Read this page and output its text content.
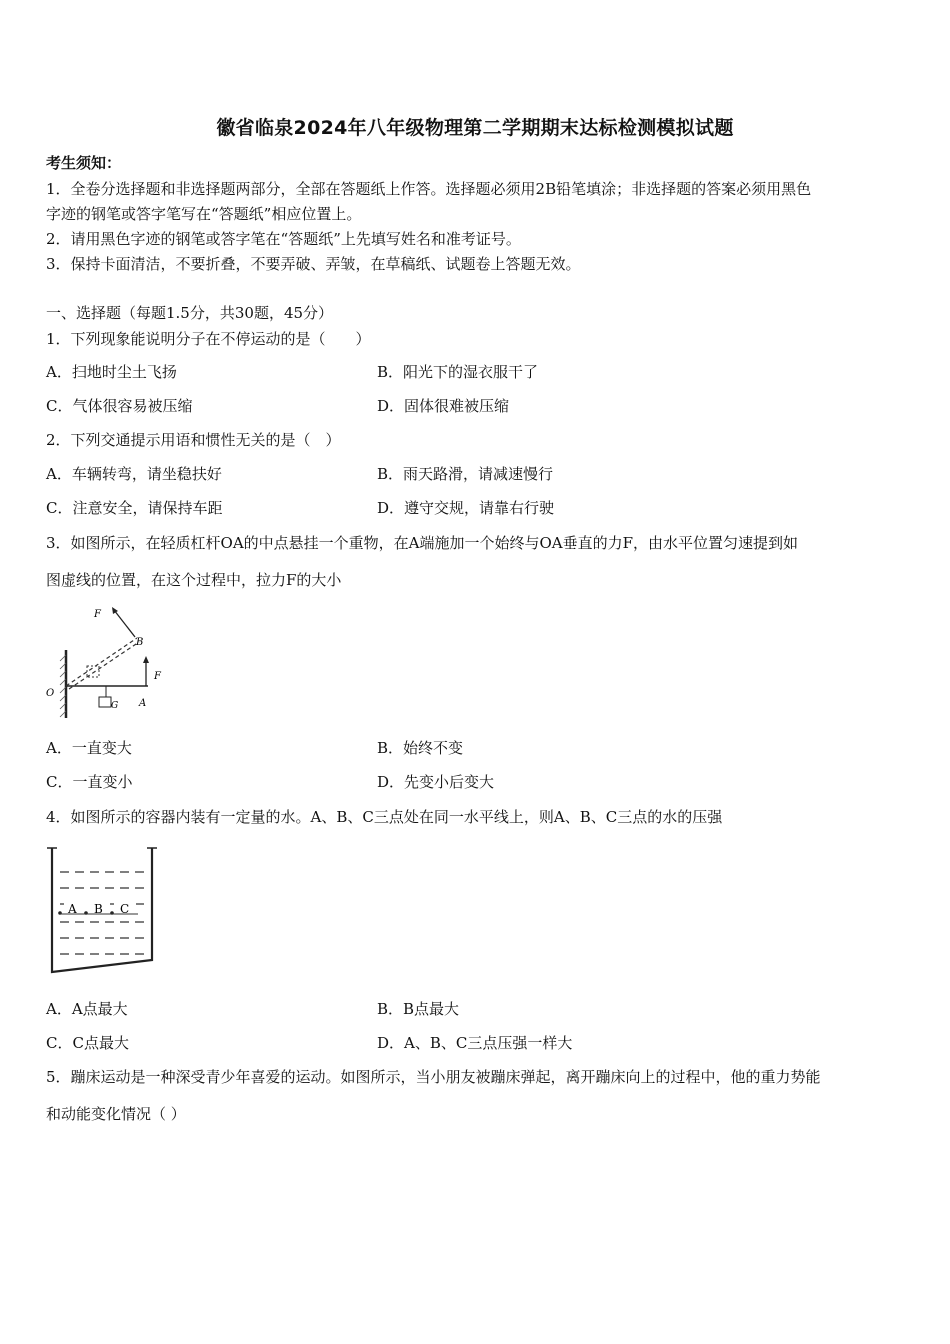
徽省临泉2024年八年级物理第二学期期末达标检测模拟试题
考生须知：
1．全卷分选择题和非选择题两部分，全部在答题纸上作答。选择题必须用2B铅笔填涂；非选择题的答案必须用黑色
字迹的钢笔或答字笔写在“答题纸”相应位置上。
2．请用黑色字迹的钢笔或答字笔在“答题纸”上先填写姓名和准考证号。
3．保持卡面清洁，不要折叠，不要弄破、弄皱，在草稿纸、试题卷上答题无效。
一、选择题（每题1.5分，共30题，45分）
1．下列现象能说明分子在不停运动的是（　　）
A．扫地时尘土飞扬	B．阳光下的湿衣服干了
C．气体很容易被压缩	D．固体很难被压缩
2．下列交通提示用语和惯性无关的是（　）
A．车辆转弯，请坐稳扶好	B．雨天路滑，请减速慢行
C．注意安全，请保持车距	D．遵守交规，请靠右行驶
3．如图所示，在轻质杠杆OA的中点悬挂一个重物，在A端施加一个始终与OA垂直的力F，由水平位置匀速提到如
图虚线的位置，在这个过程中，拉力F的大小
F
B
F
O
G A
A．一直变大	B．始终不变
C．一直变小	D．先变小后变大
4．如图所示的容器内装有一定量的水。A、B、C三点处在同一水平线上，则A、B、C三点的水的压强
A B C
A．A点最大	B．B点最大
C．C点最大	D．A、B、C三点压强一样大
5．蹦床运动是一种深受青少年喜爱的运动。如图所示，当小朋友被蹦床弹起，离开蹦床向上的过程中，他的重力势能
和动能变化情况（ ）
